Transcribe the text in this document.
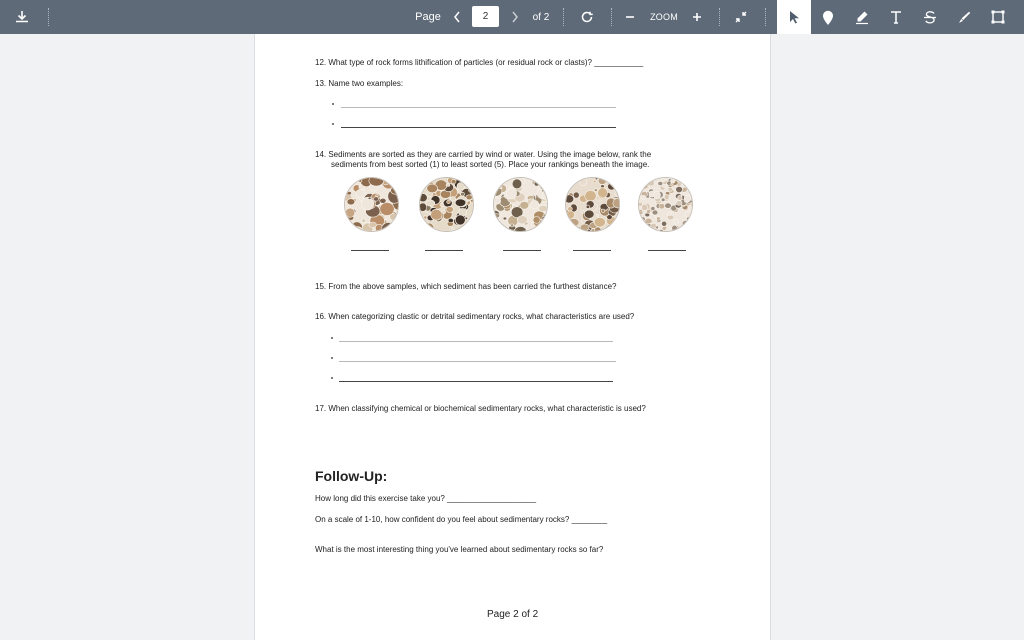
Page	2	of 2	ZOOM
12. What type of rock forms lithification of particles (or residual rock or clasts)? ___________
13. Name two examples:
14. Sediments are sorted as they are carried by wind or water. Using the image below, rank the
sediments from best sorted (1) to least sorted (5). Place your rankings beneath the image.
15. From the above samples, which sediment has been carried the furthest distance?
16. When categorizing clastic or detrital sedimentary rocks, what characteristics are used?
17. When classifying chemical or biochemical sedimentary rocks, what characteristic is used?
Follow-Up:
How long did this exercise take you? ____________________
On a scale of 1-10, how confident do you feel about sedimentary rocks? ________
What is the most interesting thing you've learned about sedimentary rocks so far?
Page 2 of 2
